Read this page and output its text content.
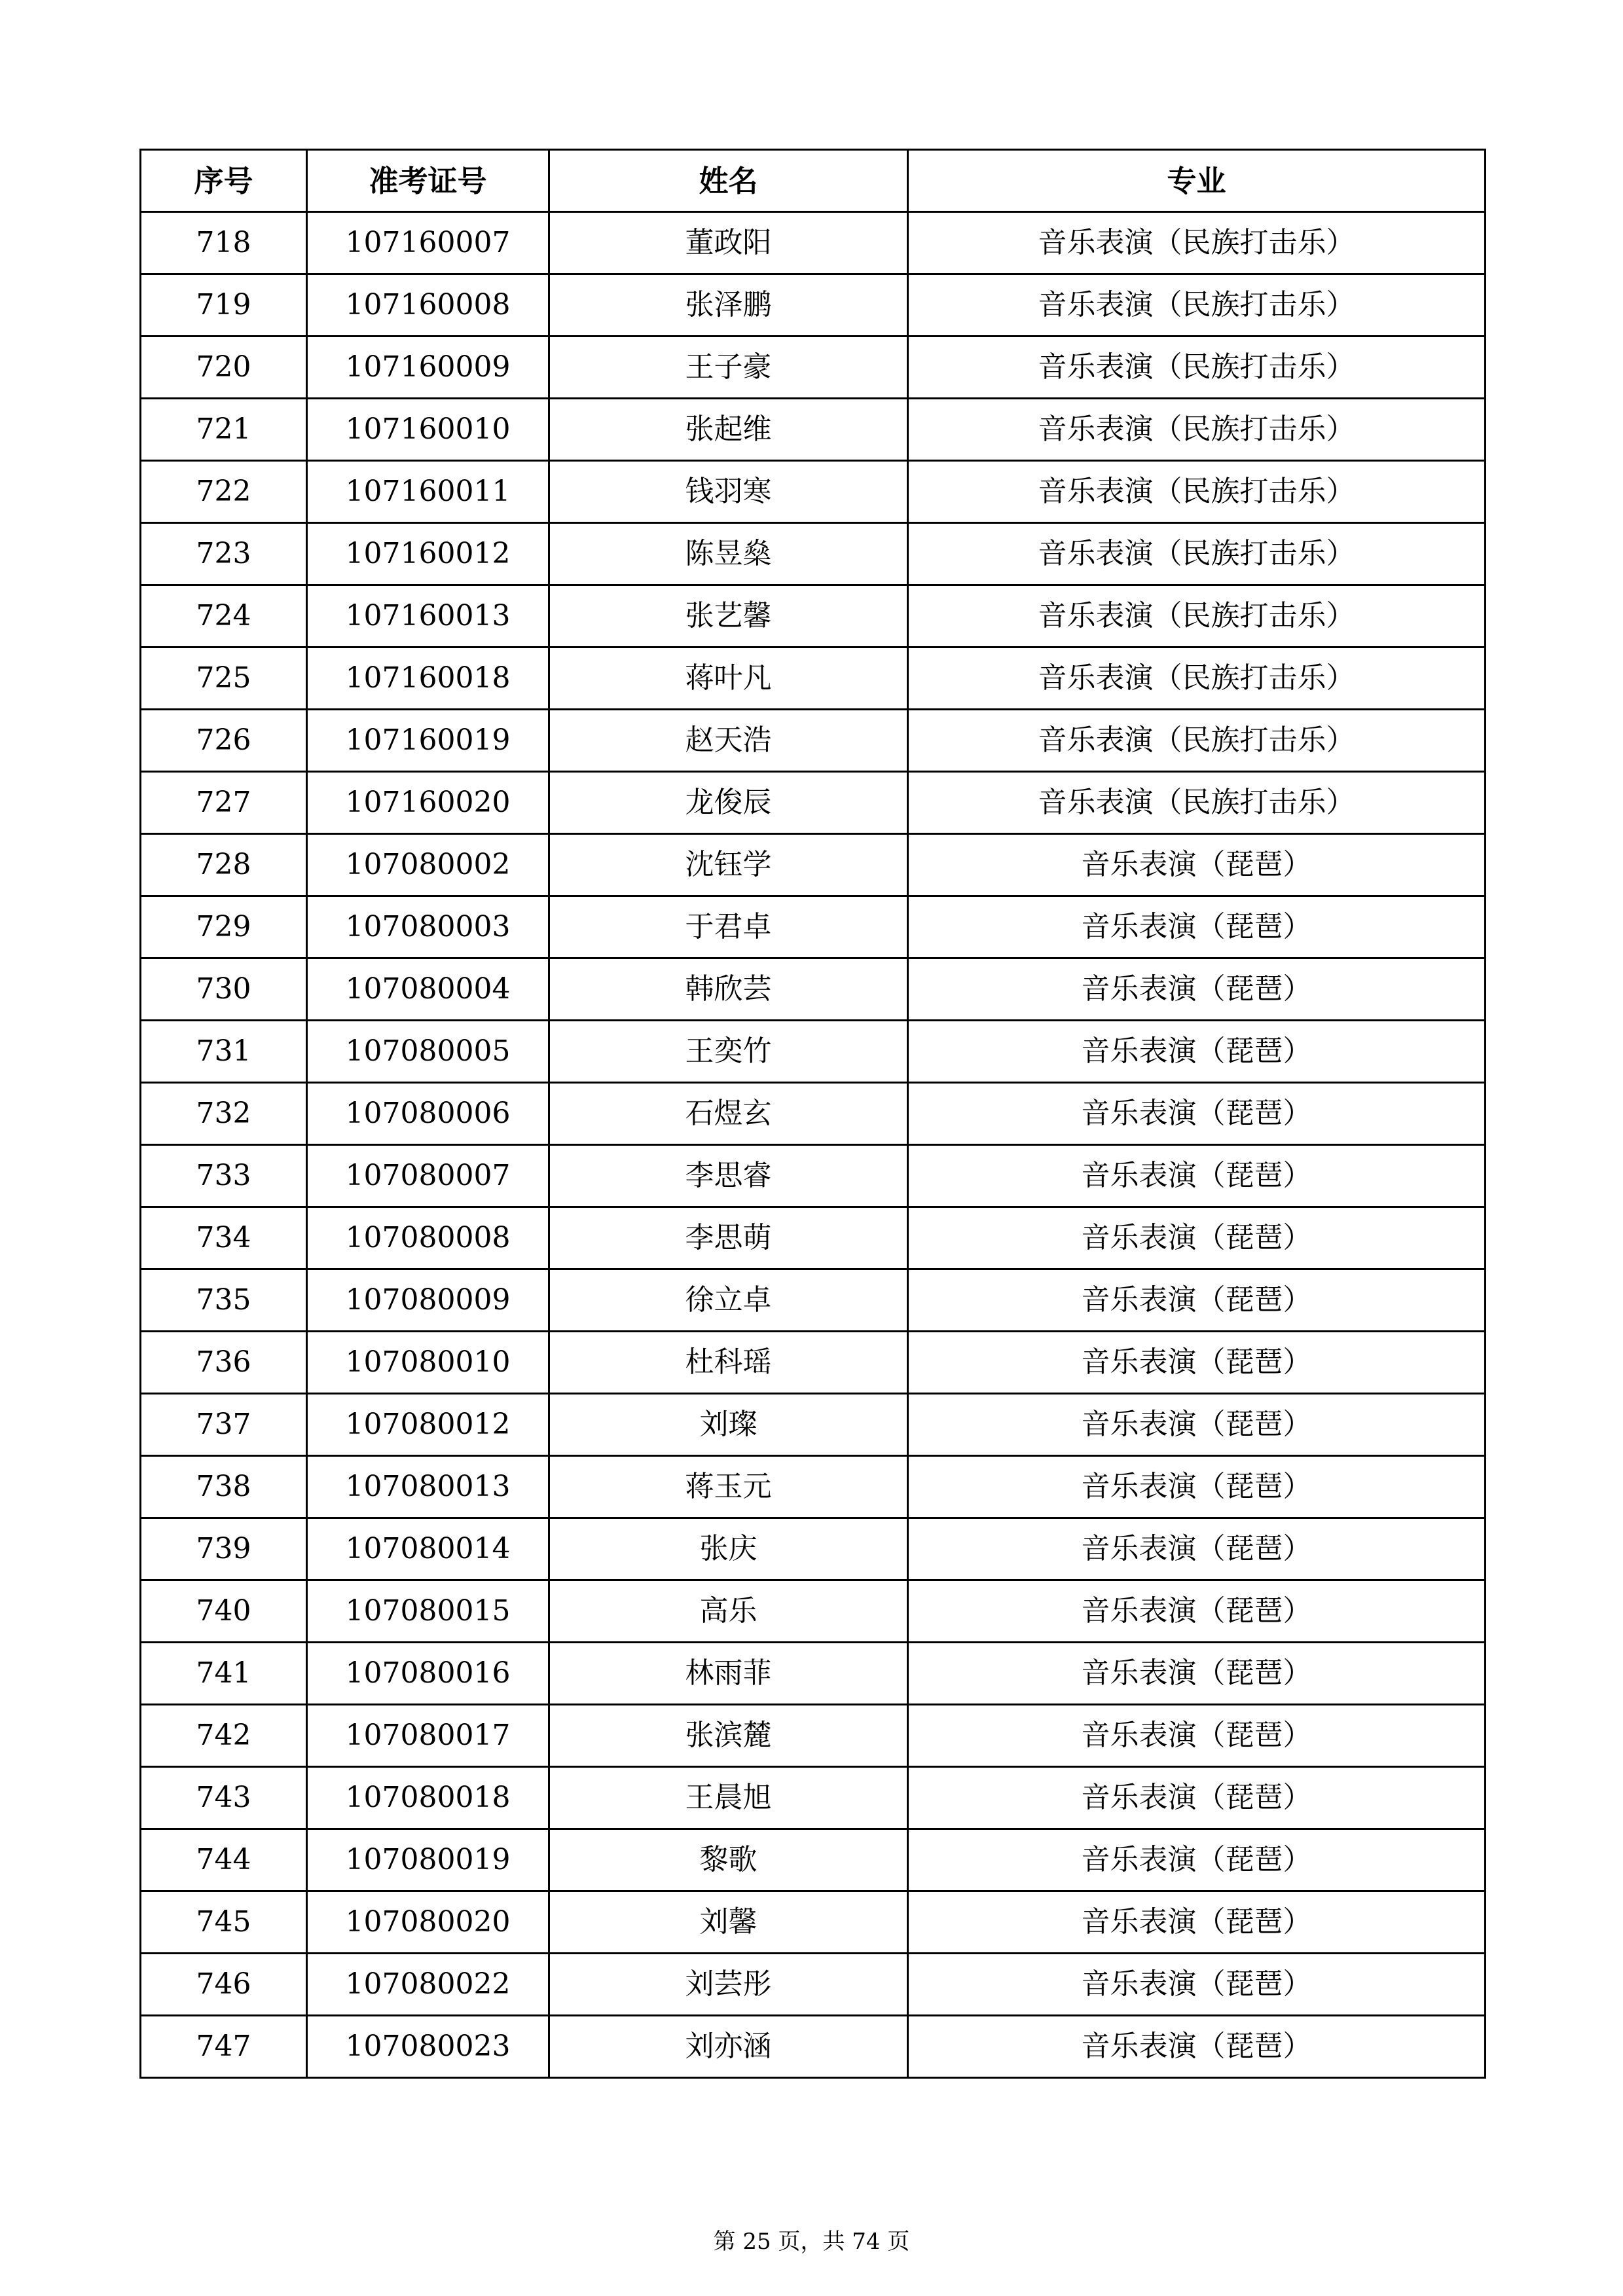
序号	准考证号	姓名	专业
718	107160007	董政阳	音乐表演（民族打击乐）
719	107160008	张泽鹏	音乐表演（民族打击乐）
720	107160009	王子豪	音乐表演（民族打击乐）
721	107160010	张起维	音乐表演（民族打击乐）
722	107160011	钱羽寒	音乐表演（民族打击乐）
723	107160012	陈昱燊	音乐表演（民族打击乐）
724	107160013	张艺馨	音乐表演（民族打击乐）
725	107160018	蒋叶凡	音乐表演（民族打击乐）
726	107160019	赵天浩	音乐表演（民族打击乐）
727	107160020	龙俊辰	音乐表演（民族打击乐）
728	107080002	沈钰学	音乐表演（琵琶）
729	107080003	于君卓	音乐表演（琵琶）
730	107080004	韩欣芸	音乐表演（琵琶）
731	107080005	王奕竹	音乐表演（琵琶）
732	107080006	石煜玄	音乐表演（琵琶）
733	107080007	李思睿	音乐表演（琵琶）
734	107080008	李思萌	音乐表演（琵琶）
735	107080009	徐立卓	音乐表演（琵琶）
736	107080010	杜科瑶	音乐表演（琵琶）
737	107080012	刘璨	音乐表演（琵琶）
738	107080013	蒋玉元	音乐表演（琵琶）
739	107080014	张庆	音乐表演（琵琶）
740	107080015	高乐	音乐表演（琵琶）
741	107080016	林雨菲	音乐表演（琵琶）
742	107080017	张滨麓	音乐表演（琵琶）
743	107080018	王晨旭	音乐表演（琵琶）
744	107080019	黎歌	音乐表演（琵琶）
745	107080020	刘馨	音乐表演（琵琶）
746	107080022	刘芸彤	音乐表演（琵琶）
747	107080023	刘亦涵	音乐表演（琵琶）
第 25 页，共 74 页
